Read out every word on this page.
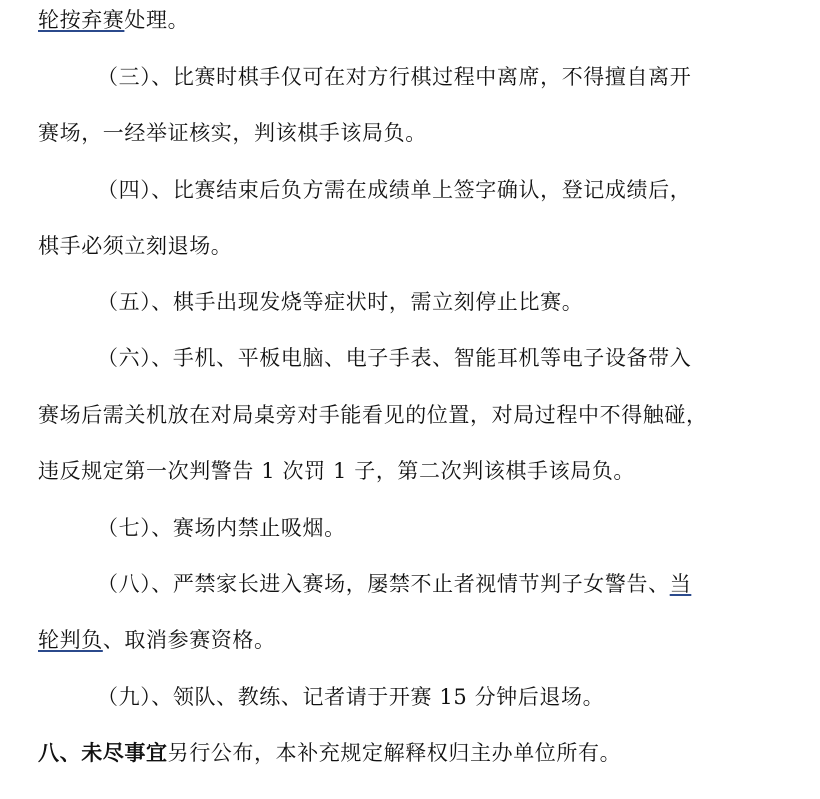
轮按弃赛处理。
（三）、比赛时棋手仅可在对方行棋过程中离席，不得擅自离开
赛场，一经举证核实，判该棋手该局负。
（四）、比赛结束后负方需在成绩单上签字确认，登记成绩后，
棋手必须立刻退场。
（五）、棋手出现发烧等症状时，需立刻停止比赛。
（六）、手机、平板电脑、电子手表、智能耳机等电子设备带入
赛场后需关机放在对局桌旁对手能看见的位置，对局过程中不得触碰，
违反规定第一次判警告 1 次罚 1 子，第二次判该棋手该局负。
（七）、赛场内禁止吸烟。
（八）、严禁家长进入赛场，屡禁不止者视情节判子女警告、当
轮判负、取消参赛资格。
（九）、领队、教练、记者请于开赛 15 分钟后退场。
八、未尽事宜另行公布，本补充规定解释权归主办单位所有。
